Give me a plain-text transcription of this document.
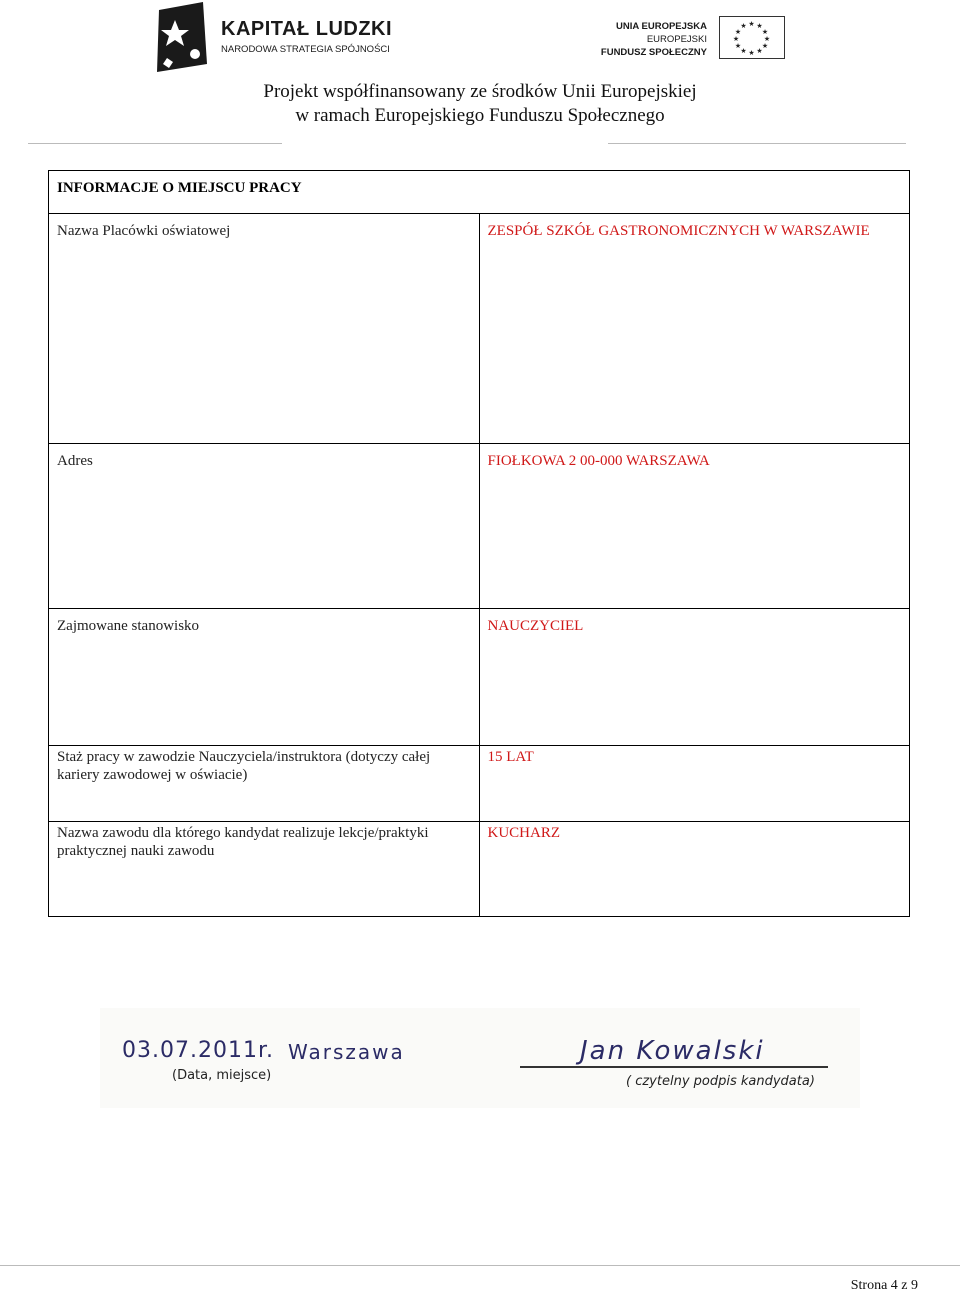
KAPITAŁ LUDZKI
NARODOWA STRATEGIA SPÓJNOŚCI
UNIA EUROPEJSKA
EUROPEJSKI
FUNDUSZ SPOŁECZNY
★ ★
★
★
★
★
★
★
★
★
★
★
Projekt współfinansowany ze środków Unii Europejskiej
w ramach Europejskiego Funduszu Społecznego
INFORMACJE O MIEJSCU PRACY	
Nazwa Placówki oświatowej	ZESPÓŁ SZKÓŁ GASTRONOMICZNYCH W WARSZAWIE
Adres	FIOŁKOWA 2 00-000 WARSZAWA
Zajmowane stanowisko	NAUCZYCIEL
Staż pracy w zawodzie Nauczyciela/instruktora (dotyczy całej kariery zawodowej w oświacie)	15 LAT
Nazwa zawodu dla którego kandydat realizuje lekcje/praktyki praktycznej nauki zawodu	KUCHARZ
03.07.2011r. Warszawa
(Data, miejsce)
Jan Kowalski
( czytelny podpis kandydata)
Strona 4 z 9
